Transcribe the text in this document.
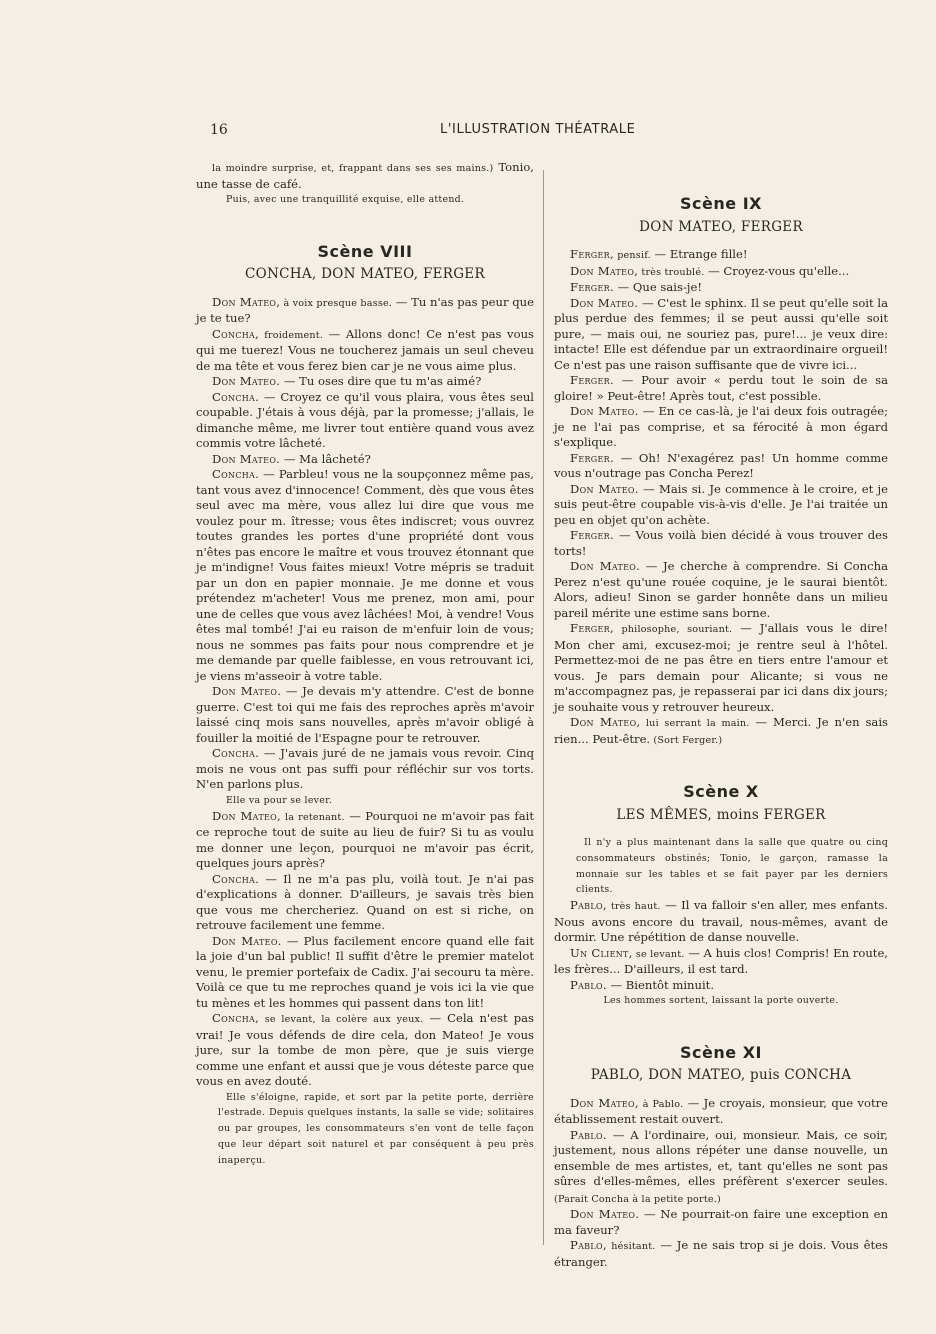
16	L'ILLUSTRATION THÉATRALE

la moindre surprise, et, frappant dans ses ses mains.) Tonio, une tasse de café.

Puis, avec une tranquillité exquise, elle attend.

Scène VIII
CONCHA, DON MATEO, FERGER

Don Mateo, à voix presque basse. — Tu n'as pas peur que je te tue?

Concha, froidement. — Allons donc! Ce n'est pas vous qui me tuerez! Vous ne toucherez jamais un seul cheveu de ma tête et vous ferez bien car je ne vous aime plus.

Don Mateo. — Tu oses dire que tu m'as aimé?

Concha. — Croyez ce qu'il vous plaira, vous êtes seul coupable. J'étais à vous déjà, par la promesse; j'allais, le dimanche même, me livrer tout entière quand vous avez commis votre lâcheté.

Don Mateo. — Ma lâcheté?

Concha. — Parbleu! vous ne la soupçonnez même pas, tant vous avez d'innocence! Comment, dès que vous êtes seul avec ma mère, vous allez lui dire que vous me voulez pour m. îtresse; vous êtes indiscret; vous ouvrez toutes grandes les portes d'une propriété dont vous n'êtes pas encore le maître et vous trouvez étonnant que je m'indigne! Vous faites mieux! Votre mépris se traduit par un don en papier monnaie. Je me donne et vous prétendez m'acheter! Vous me prenez, mon ami, pour une de celles que vous avez lâchées! Moi, à vendre! Vous êtes mal tombé! J'ai eu raison de m'enfuir loin de vous; nous ne sommes pas faits pour nous comprendre et je me demande par quelle faiblesse, en vous retrouvant ici, je viens m'asseoir à votre table.

Don Mateo. — Je devais m'y attendre. C'est de bonne guerre. C'est toi qui me fais des reproches après m'avoir laissé cinq mois sans nouvelles, après m'avoir obligé à fouiller la moitié de l'Espagne pour te retrouver.

Concha. — J'avais juré de ne jamais vous revoir. Cinq mois ne vous ont pas suffi pour réfléchir sur vos torts. N'en parlons plus.

Elle va pour se lever.

Don Mateo, la retenant. — Pourquoi ne m'avoir pas fait ce reproche tout de suite au lieu de fuir? Si tu as voulu me donner une leçon, pourquoi ne m'avoir pas écrit, quelques jours après?

Concha. — Il ne m'a pas plu, voilà tout. Je n'ai pas d'explications à donner. D'ailleurs, je savais très bien que vous me chercheriez. Quand on est si riche, on retrouve facilement une femme.

Don Mateo. — Plus facilement encore quand elle fait la joie d'un bal public! Il suffit d'être le premier matelot venu, le premier portefaix de Cadix. J'ai secouru ta mère. Voilà ce que tu me reproches quand je vois ici la vie que tu mènes et les hommes qui passent dans ton lit!

Concha, se levant, la colère aux yeux. — Cela n'est pas vrai! Je vous défends de dire cela, don Mateo! Je vous jure, sur la tombe de mon père, que je suis vierge comme une enfant et aussi que je vous déteste parce que vous en avez douté.

Elle s'éloigne, rapide, et sort par la petite porte, derrière l'estrade. Depuis quelques instants, la salle se vide; solitaires ou par groupes, les consommateurs s'en vont de telle façon que leur départ soit naturel et par conséquent à peu près inaperçu.

Scène IX
DON MATEO, FERGER

Ferger, pensif. — Etrange fille!

Don Mateo, très troublé. — Croyez-vous qu'elle...

Ferger. — Que sais-je!

Don Mateo. — C'est le sphinx. Il se peut qu'elle soit la plus perdue des femmes; il se peut aussi qu'elle soit pure, — mais oui, ne souriez pas, pure!... je veux dire: intacte! Elle est défendue par un extraordinaire orgueil! Ce n'est pas une raison suffisante que de vivre ici...

Ferger. — Pour avoir « perdu tout le soin de sa gloire! » Peut-être! Après tout, c'est possible.

Don Mateo. — En ce cas-là, je l'ai deux fois outragée; je ne l'ai pas comprise, et sa férocité à mon égard s'explique.

Ferger. — Oh! N'exagérez pas! Un homme comme vous n'outrage pas Concha Perez!

Don Mateo. — Mais si. Je commence à le croire, et je suis peut-être coupable vis-à-vis d'elle. Je l'ai traitée un peu en objet qu'on achète.

Ferger. — Vous voilà bien décidé à vous trouver des torts!

Don Mateo. — Je cherche à comprendre. Si Concha Perez n'est qu'une rouée coquine, je le saurai bientôt. Alors, adieu! Sinon se garder honnête dans un milieu pareil mérite une estime sans borne.

Ferger, philosophe, souriant. — J'allais vous le dire! Mon cher ami, excusez-moi; je rentre seul à l'hôtel. Permettez-moi de ne pas être en tiers entre l'amour et vous. Je pars demain pour Alicante; si vous ne m'accompagnez pas, je repasserai par ici dans dix jours; je souhaite vous y retrouver heureux.

Don Mateo, lui serrant la main. — Merci. Je n'en sais rien... Peut-être. (Sort Ferger.)

Scène X
LES MÊMES, moins FERGER

Il n'y a plus maintenant dans la salle que quatre ou cinq consommateurs obstinés; Tonio, le garçon, ramasse la monnaie sur les tables et se fait payer par les derniers clients.

Pablo, très haut. — Il va falloir s'en aller, mes enfants. Nous avons encore du travail, nous-mêmes, avant de dormir. Une répétition de danse nouvelle.

Un Client, se levant. — A huis clos! Compris! En route, les frères... D'ailleurs, il est tard.

Pablo. — Bientôt minuit.

Les hommes sortent, laissant la porte ouverte.

Scène XI
PABLO, DON MATEO, puis CONCHA

Don Mateo, à Pablo. — Je croyais, monsieur, que votre établissement restait ouvert.

Pablo. — A l'ordinaire, oui, monsieur. Mais, ce soir, justement, nous allons répéter une danse nouvelle, un ensemble de mes artistes, et, tant qu'elles ne sont pas sûres d'elles-mêmes, elles préfèrent s'exercer seules. (Parait Concha à la petite porte.)

Don Mateo. — Ne pourrait-on faire une exception en ma faveur?

Pablo, hésitant. — Je ne sais trop si je dois. Vous êtes étranger.
